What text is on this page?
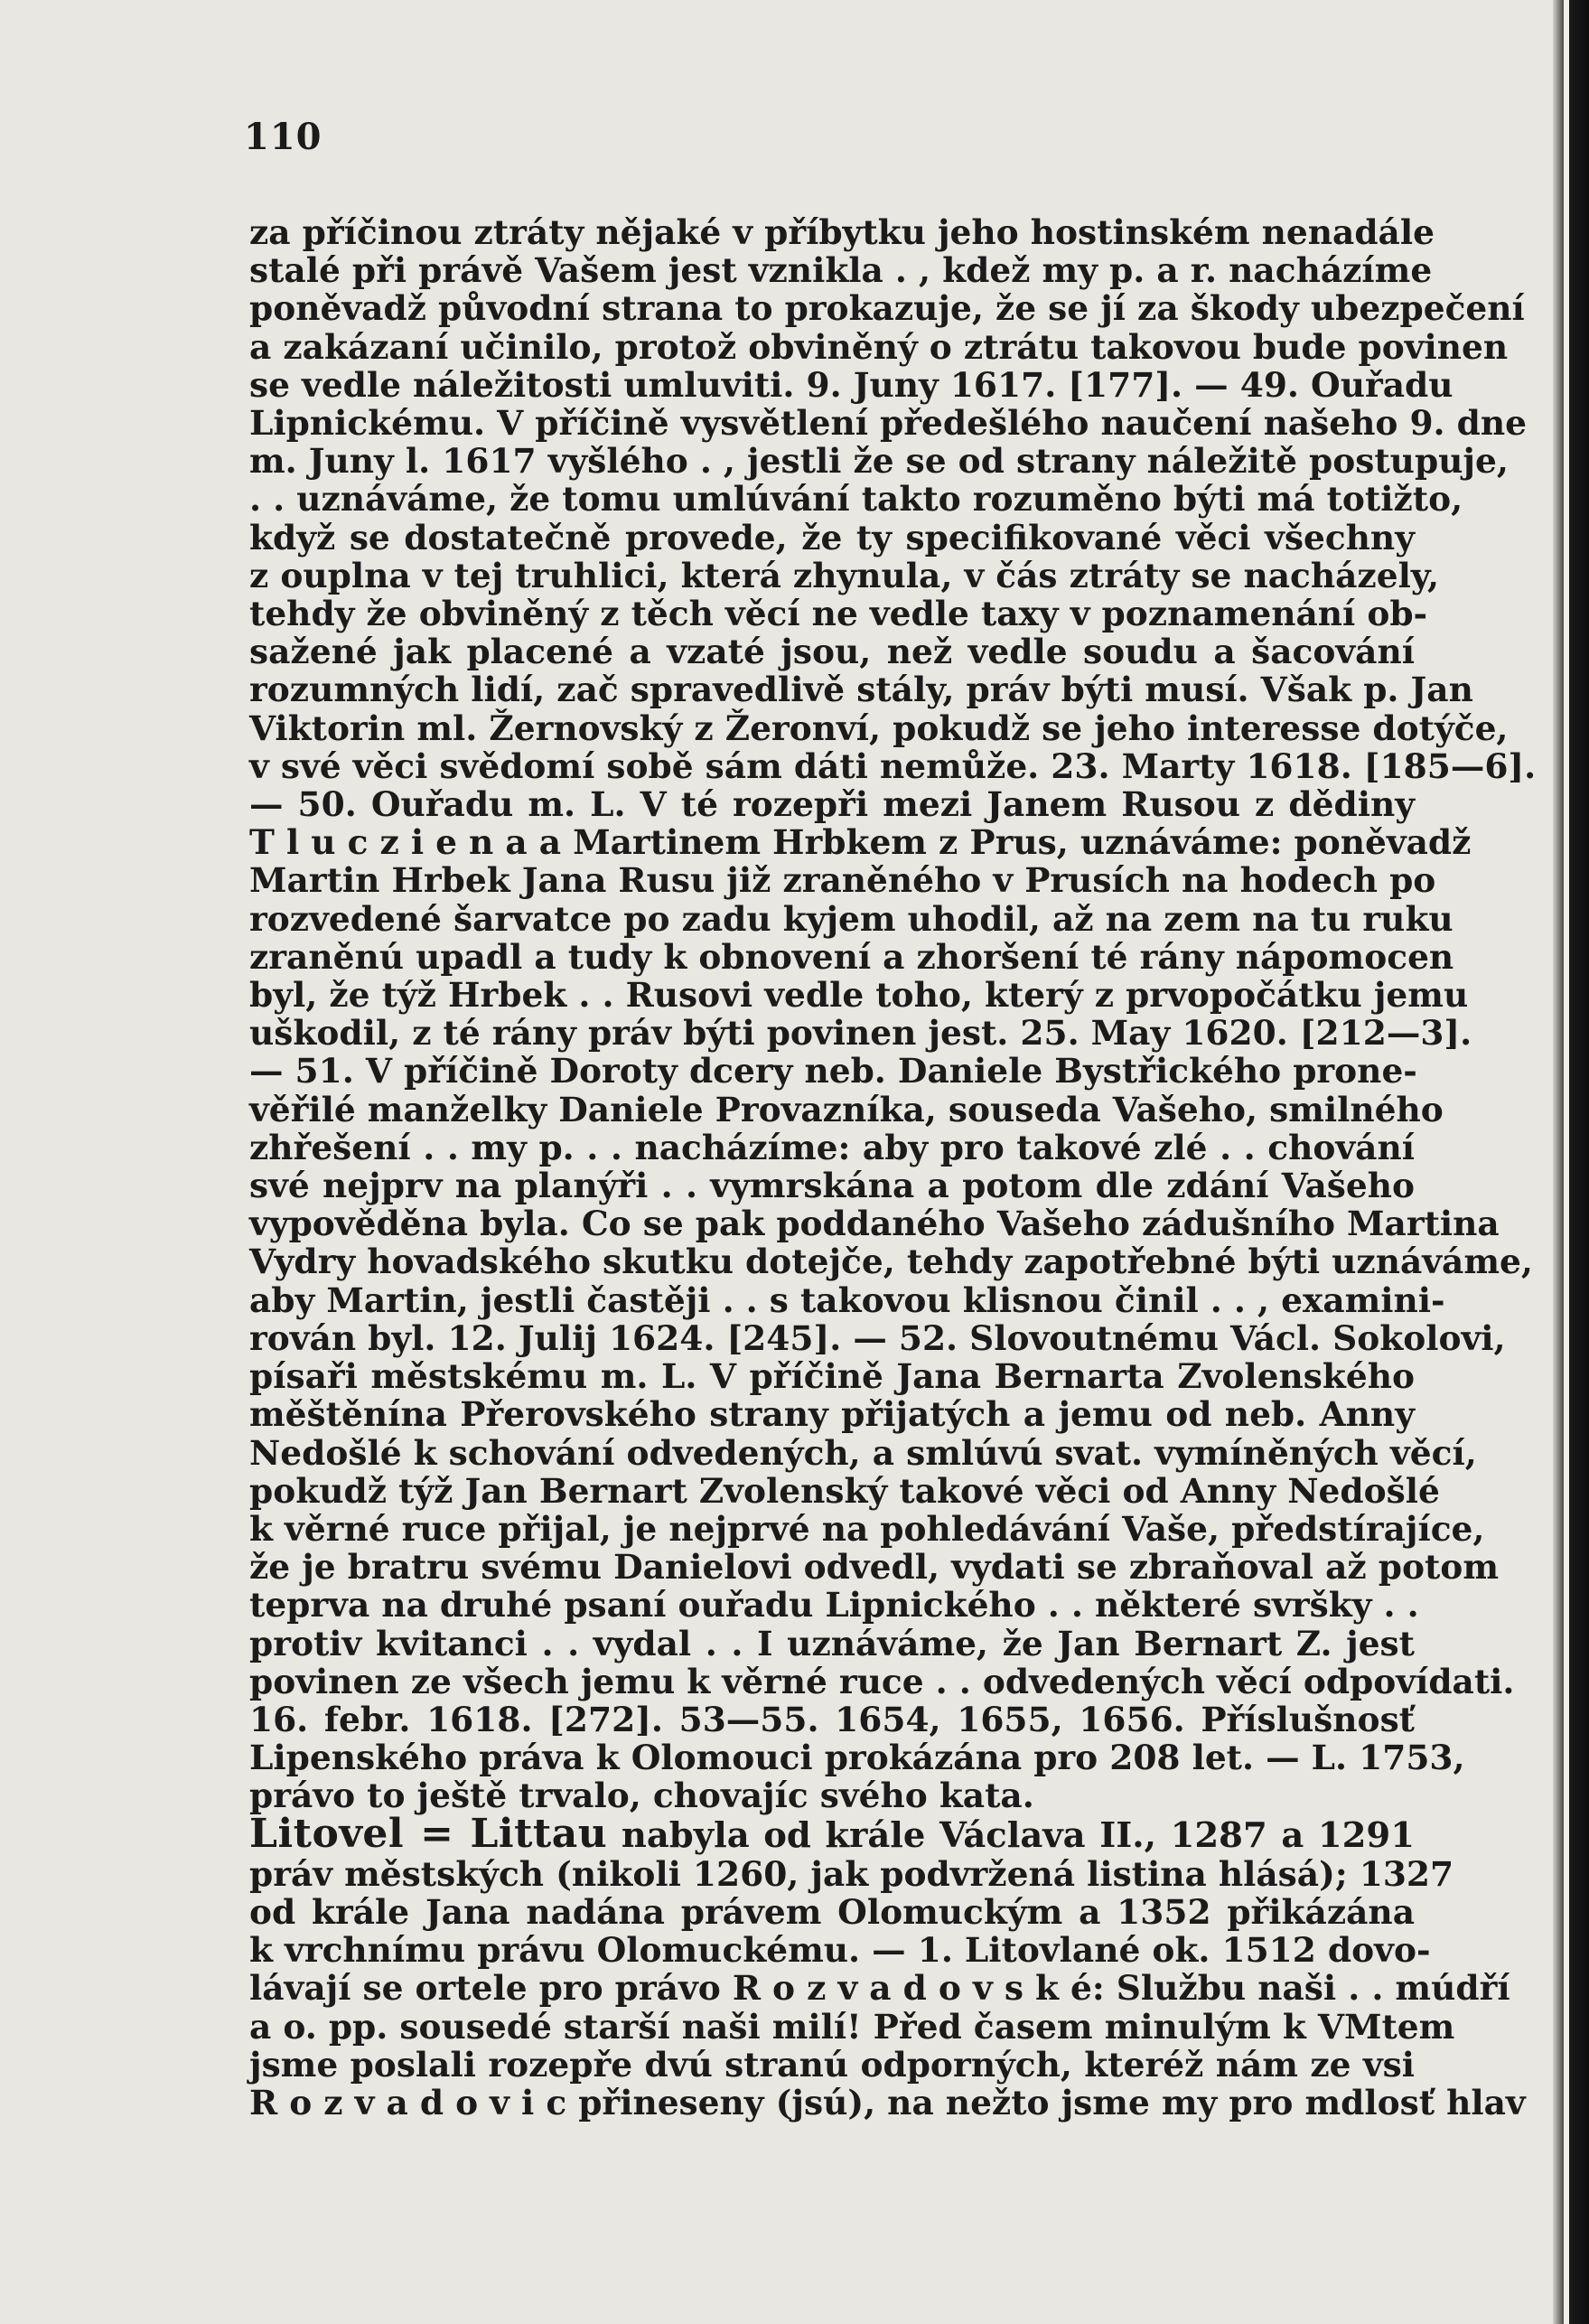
110
za příčinou ztráty nějaké v příbytku jeho hostinském nenadále
stalé při právě Vašem jest vznikla . , kdež my p. a r. nacházíme
poněvadž původní strana to prokazuje, že se jí za škody ubezpečení
a zakázaní učinilo, protož obviněný o ztrátu takovou bude povinen
se vedle náležitosti umluviti. 9. Juny 1617. [177]. — 49. Ouřadu
Lipnickému. V příčině vysvětlení předešlého naučení našeho 9. dne
m. Juny l. 1617 vyšlého . , jestli že se od strany náležitě postupuje,
. . uznáváme, že tomu umlúvání takto rozuměno býti má totižto,
když se dostatečně provede, že ty specifikované věci všechny
z ouplna v tej truhlici, která zhynula, v čás ztráty se nacházely,
tehdy že obviněný z těch věcí ne vedle taxy v poznamenání ob-
sažené jak placené a vzaté jsou, než vedle soudu a šacování
rozumných lidí, zač spravedlivě stály, práv býti musí. Však p. Jan
Viktorin ml. Žernovský z Žeronví, pokudž se jeho interesse dotýče,
v své věci svědomí sobě sám dáti nemůže. 23. Marty 1618. [185—6].
— 50. Ouřadu m. L. V té rozepři mezi Janem Rusou z dědiny
T l u c z i e n a a Martinem Hrbkem z Prus, uznáváme: poněvadž
Martin Hrbek Jana Rusu již zraněného v Prusích na hodech po
rozvedené šarvatce po zadu kyjem uhodil, až na zem na tu ruku
zraněnú upadl a tudy k obnovení a zhoršení té rány nápomocen
byl, že týž Hrbek . . Rusovi vedle toho, který z prvopočátku jemu
uškodil, z té rány práv býti povinen jest. 25. May 1620. [212—3].
— 51. V příčině Doroty dcery neb. Daniele Bystřického prone-
věřilé manželky Daniele Provazníka, souseda Vašeho, smilného
zhřešení . . my p. . . nacházíme: aby pro takové zlé . . chování
své nejprv na planýři . . vymrskána a potom dle zdání Vašeho
vypověděna byla. Co se pak poddaného Vašeho zádušního Martina
Vydry hovadského skutku dotejče, tehdy zapotřebné býti uznáváme,
aby Martin, jestli častěji . . s takovou klisnou činil . . , examini-
rován byl. 12. Julij 1624. [245]. — 52. Slovoutnému Václ. Sokolovi,
písaři městskému m. L. V příčině Jana Bernarta Zvolenského
měštěnína Přerovského strany přijatých a jemu od neb. Anny
Nedošlé k schování odvedených, a smlúvú svat. vymíněných věcí,
pokudž týž Jan Bernart Zvolenský takové věci od Anny Nedošlé
k věrné ruce přijal, je nejprvé na pohledávání Vaše, předstírajíce,
že je bratru svému Danielovi odvedl, vydati se zbraňoval až potom
teprva na druhé psaní ouřadu Lipnického . . některé svršky . .
protiv kvitanci . . vydal . . I uznáváme, že Jan Bernart Z. jest
povinen ze všech jemu k věrné ruce . . odvedených věcí odpovídati.
16. febr. 1618. [272]. 53—55. 1654, 1655, 1656. Příslušnosť
Lipenského práva k Olomouci prokázána pro 208 let. — L. 1753,
právo to ještě trvalo, chovajíc svého kata.
Litovel = Littau nabyla od krále Václava II., 1287 a 1291
práv městských (nikoli 1260, jak podvržená listina hlásá); 1327
od krále Jana nadána právem Olomuckým a 1352 přikázána
k vrchnímu právu Olomuckému. — 1. Litovlané ok. 1512 dovo-
lávají se ortele pro právo R o z v a d o v s k é: Službu naši . . múdří
a o. pp. sousedé starší naši milí! Před časem minulým k VMtem
jsme poslali rozepře dvú stranú odporných, kteréž nám ze vsi
R o z v a d o v i c přineseny (jsú), na nežto jsme my pro mdlosť hlav
